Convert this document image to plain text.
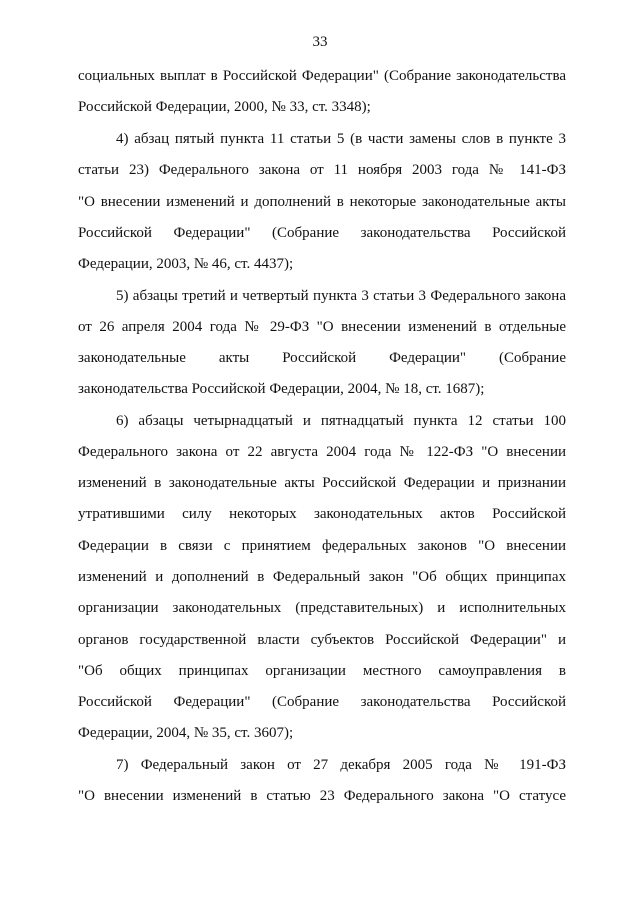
33
социальных выплат в Российской Федерации" (Собрание законодательства
Российской Федерации, 2000, № 33, ст. 3348);
4) абзац пятый пункта 11 статьи 5 (в части замены слов в пункте 3
статьи 23) Федерального закона от 11 ноября 2003 года № 141-ФЗ
"О внесении изменений и дополнений в некоторые законодательные акты
Российской Федерации" (Собрание законодательства Российской
Федерации, 2003, № 46, ст. 4437);
5) абзацы третий и четвертый пункта 3 статьи 3 Федерального закона
от 26 апреля 2004 года № 29-ФЗ "О внесении изменений в отдельные
законодательные акты Российской Федерации" (Собрание
законодательства Российской Федерации, 2004, № 18, ст. 1687);
6) абзацы четырнадцатый и пятнадцатый пункта 12 статьи 100
Федерального закона от 22 августа 2004 года № 122-ФЗ "О внесении
изменений в законодательные акты Российской Федерации и признании
утратившими силу некоторых законодательных актов Российской
Федерации в связи с принятием федеральных законов "О внесении
изменений и дополнений в Федеральный закон "Об общих принципах
организации законодательных (представительных) и исполнительных
органов государственной власти субъектов Российской Федерации" и
"Об общих принципах организации местного самоуправления в
Российской Федерации" (Собрание законодательства Российской
Федерации, 2004, № 35, ст. 3607);
7) Федеральный закон от 27 декабря 2005 года № 191-ФЗ
"О внесении изменений в статью 23 Федерального закона "О статусе
